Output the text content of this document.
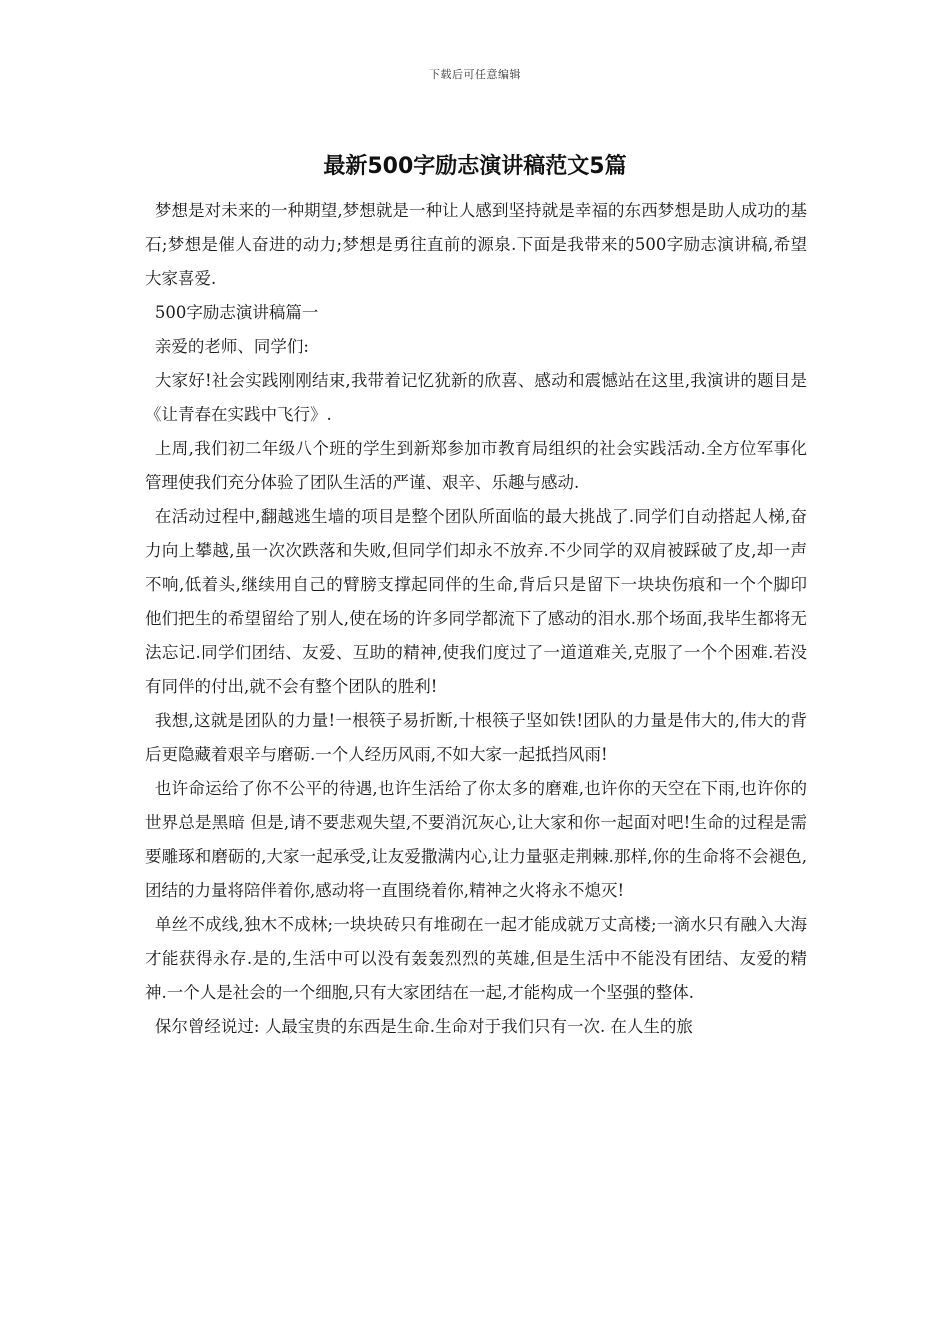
下载后可任意编辑
最新500字励志演讲稿范文5篇

梦想是对未来的一种期望,梦想就是一种让人感到坚持就是幸福的东西梦想是助人成功的基石;梦想是催人奋进的动力;梦想是勇往直前的源泉.下面是我带来的500字励志演讲稿,希望大家喜爱.

500字励志演讲稿篇一

亲爱的老师、同学们:

大家好!社会实践刚刚结束,我带着记忆犹新的欣喜、感动和震憾站在这里,我演讲的题目是《让青春在实践中飞行》.

上周,我们初二年级八个班的学生到新郑参加市教育局组织的社会实践活动.全方位军事化管理使我们充分体验了团队生活的严谨、艰辛、乐趣与感动.

在活动过程中,翻越逃生墙的项目是整个团队所面临的最大挑战了.同学们自动搭起人梯,奋力向上攀越,虽一次次跌落和失败,但同学们却永不放弃.不少同学的双肩被踩破了皮,却一声不响,低着头,继续用自己的臂膀支撑起同伴的生命,背后只是留下一块块伤痕和一个个脚印 他们把生的希望留给了别人,使在场的许多同学都流下了感动的泪水.那个场面,我毕生都将无法忘记.同学们团结、友爱、互助的精神,使我们度过了一道道难关,克服了一个个困难.若没有同伴的付出,就不会有整个团队的胜利!

我想,这就是团队的力量!一根筷子易折断,十根筷子坚如铁!团队的力量是伟大的,伟大的背后更隐藏着艰辛与磨砺.一个人经历风雨,不如大家一起抵挡风雨!

也许命运给了你不公平的待遇,也许生活给了你太多的磨难,也许你的天空在下雨,也许你的世界总是黑暗 但是,请不要悲观失望,不要消沉灰心,让大家和你一起面对吧!生命的过程是需要雕琢和磨砺的,大家一起承受,让友爱撒满内心,让力量驱走荆棘.那样,你的生命将不会褪色,团结的力量将陪伴着你,感动将一直围绕着你,精神之火将永不熄灭!

单丝不成线,独木不成林;一块块砖只有堆砌在一起才能成就万丈高楼;一滴水只有融入大海才能获得永存.是的,生活中可以没有轰轰烈烈的英雄,但是生活中不能没有团结、友爱的精神.一个人是社会的一个细胞,只有大家团结在一起,才能构成一个坚强的整体.

保尔曾经说过: 人最宝贵的东西是生命.生命对于我们只有一次. 在人生的旅
